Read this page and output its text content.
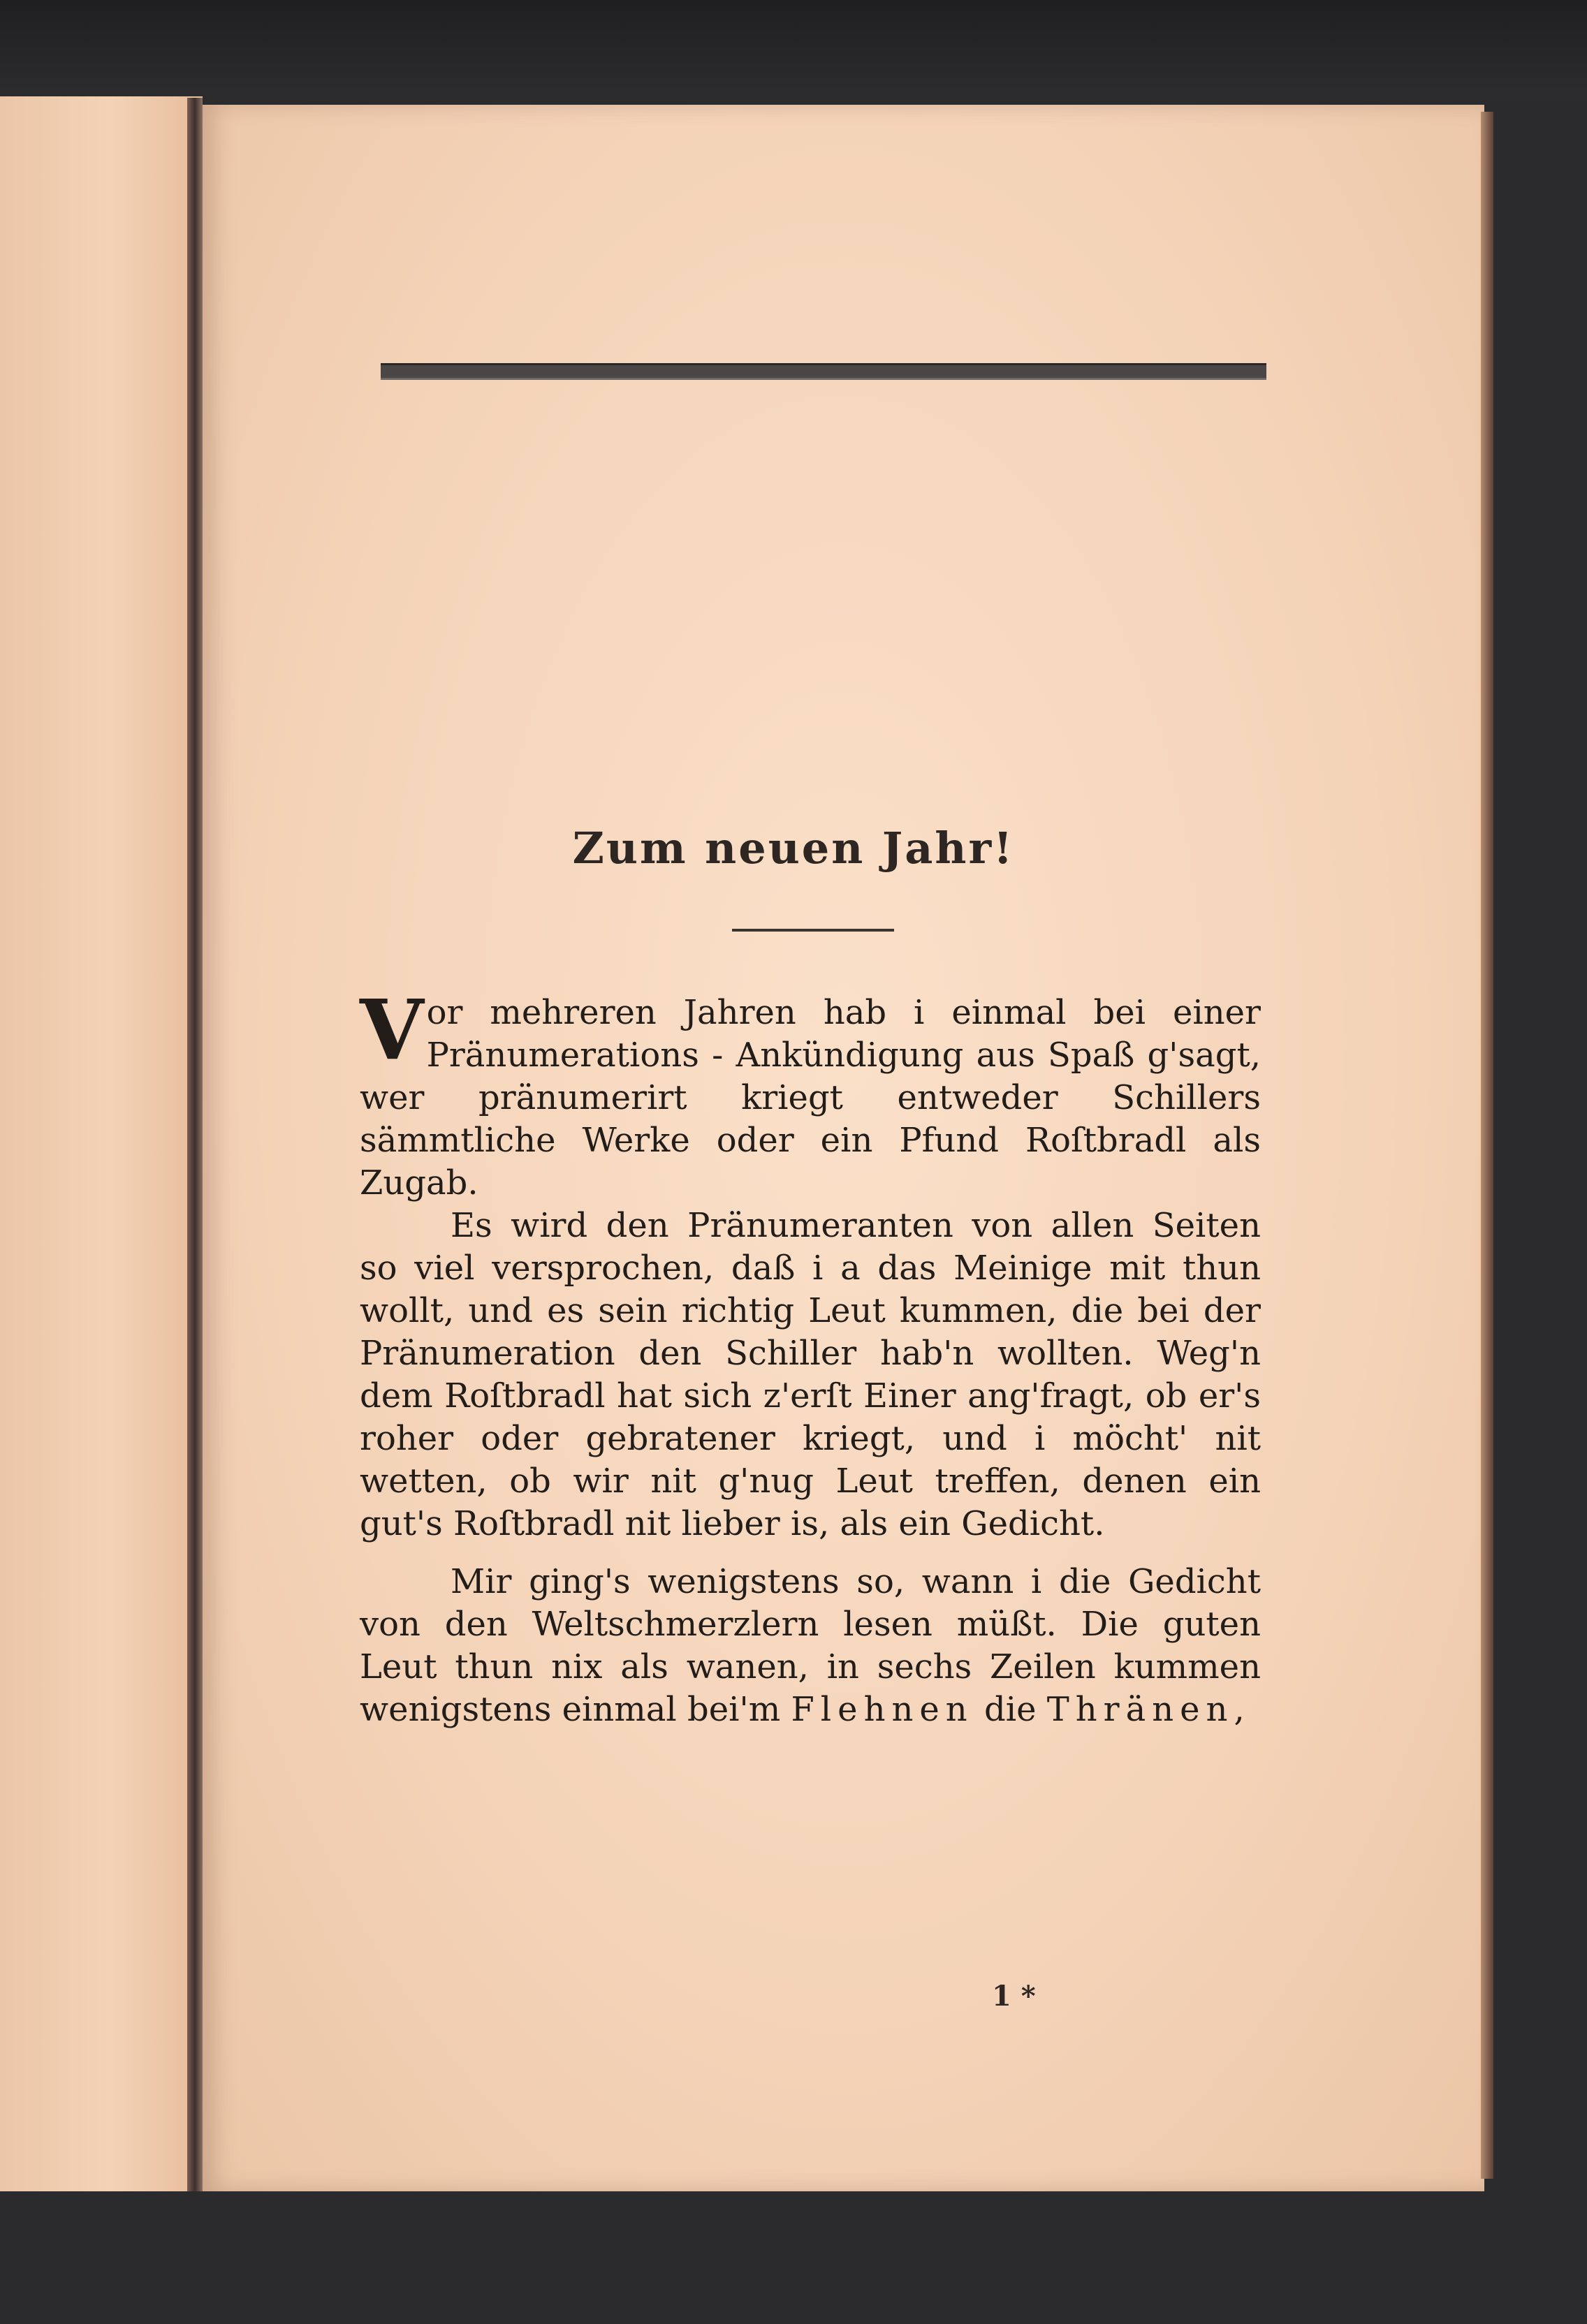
Zum neuen Jahr!

Vor mehreren Jahren hab i einmal bei einer Pränumerations - Ankündigung aus Spaß g'sagt, wer pränumerirt kriegt entweder Schillers sämmtliche Werke oder ein Pfund Roſtbradl als Zugab.

Es wird den Pränumeranten von allen Seiten so viel versprochen, daß i a das Meinige mit thun wollt, und es sein richtig Leut kummen, die bei der Pränumeration den Schiller hab'n wollten. Weg'n dem Roſtbradl hat sich z'erſt Einer ang'fragt, ob er's roher oder gebratener kriegt, und i möcht' nit wetten, ob wir nit g'nug Leut treffen, denen ein gut's Roſtbradl nit lieber is, als ein Gedicht.

Mir ging's wenigstens so, wann i die Gedicht von den Weltschmerzlern lesen müßt. Die guten Leut thun nix als wanen, in sechs Zeilen kummen wenigstens einmal bei'm Flehnen die Thränen,

1 *
